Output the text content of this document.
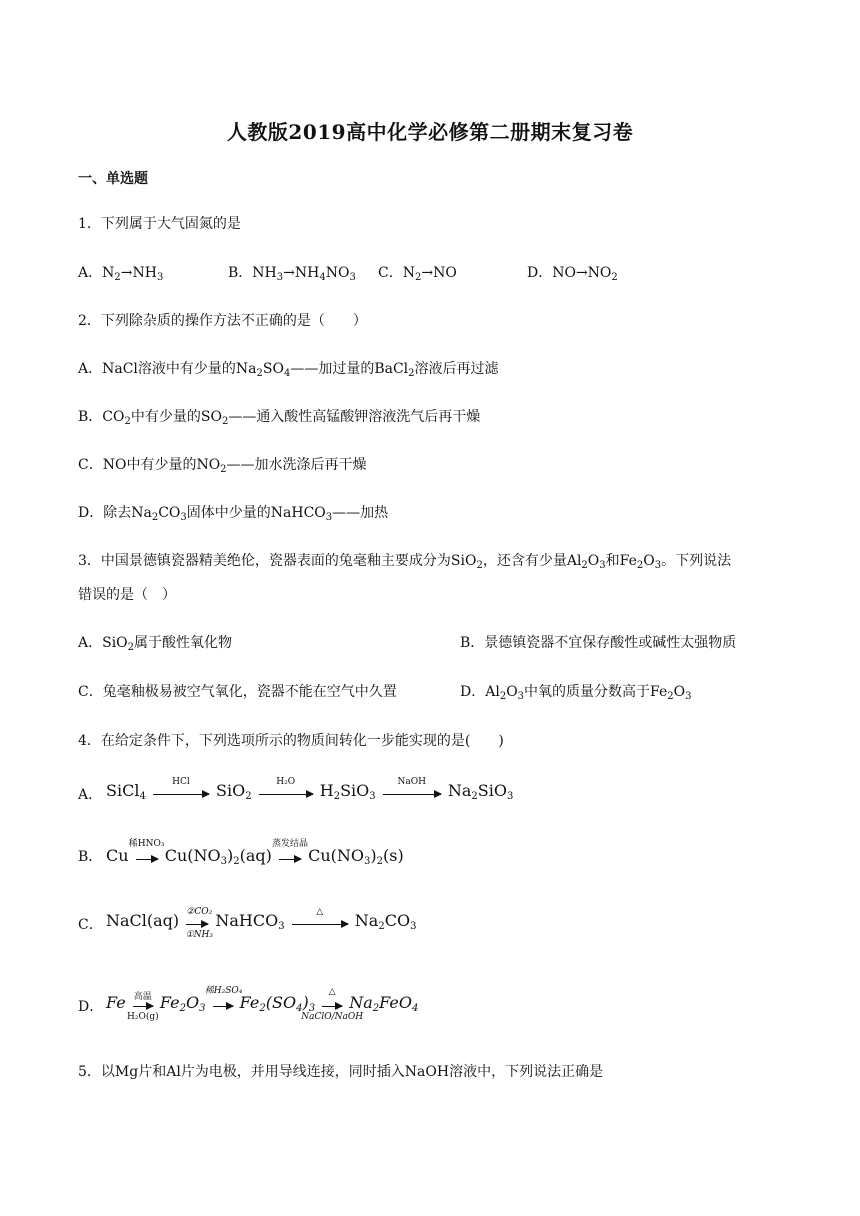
人教版2019高中化学必修第二册期末复习卷
一、单选题
1．下列属于大气固氮的是
A．$N_2\to NH_3$	B．$NH_3\to NH_4NO_3$ C．$N_2\to NO$	D．$NO\to NO_2$
2．下列除杂质的操作方法不正确的是（　　）
A．NaCl溶液中有少量的$Na_2SO_4——$加过量的BaCl$_2$溶液后再过滤
B．$CO_2$中有少量的$SO_2——$通入酸性高锰酸钾溶液洗气后再干燥
C．NO中有少量的$NO_2——$加水洗涤后再干燥
D．除去$Na_2CO_3$固体中少量的NaHCO$_3$——加热
3．中国景德镇瓷器精美绝伦，瓷器表面的兔毫釉主要成分为SiO$_2$，还含有少量$Al_2O_3$和$Fe_2O_3$。下列说法
错误的是（　）
A．SiO$_2$属于酸性氧化物	B．景德镇瓷器不宜保存酸性或碱性太强物质
C．兔毫釉极易被空气氧化，瓷器不能在空气中久置	D．$Al_2O_3$中氧的质量分数高于$Fe_2O_3$
4．在给定条件下，下列选项所示的物质间转化一步能实现的是(　　)
A． SiCl$_4$
HCl	SiO$_2$
H₂O	$H_2SiO_3$
NaOH	$Na_2SiO_3$
B． Cu
稀HNO₃
$Cu(NO_3)_2(aq)$
蒸发结晶
$Cu(NO_3)_2(s)$
C． NaCl(aq) $\frac{\text{②CO₂}}{\text{①NH₃}}$ NaHCO$_3$
△	$Na_2CO_3$
D． Fe 高温
H₂O(g)
$Fe_2O_3$
稀H₂SO₄
$Fe_2(SO_4)_3$
△
NaClO/NaOH
$Na_2FeO_4$
5．以Mg片和Al片为电极，并用导线连接，同时插入NaOH溶液中，下列说法正确是
